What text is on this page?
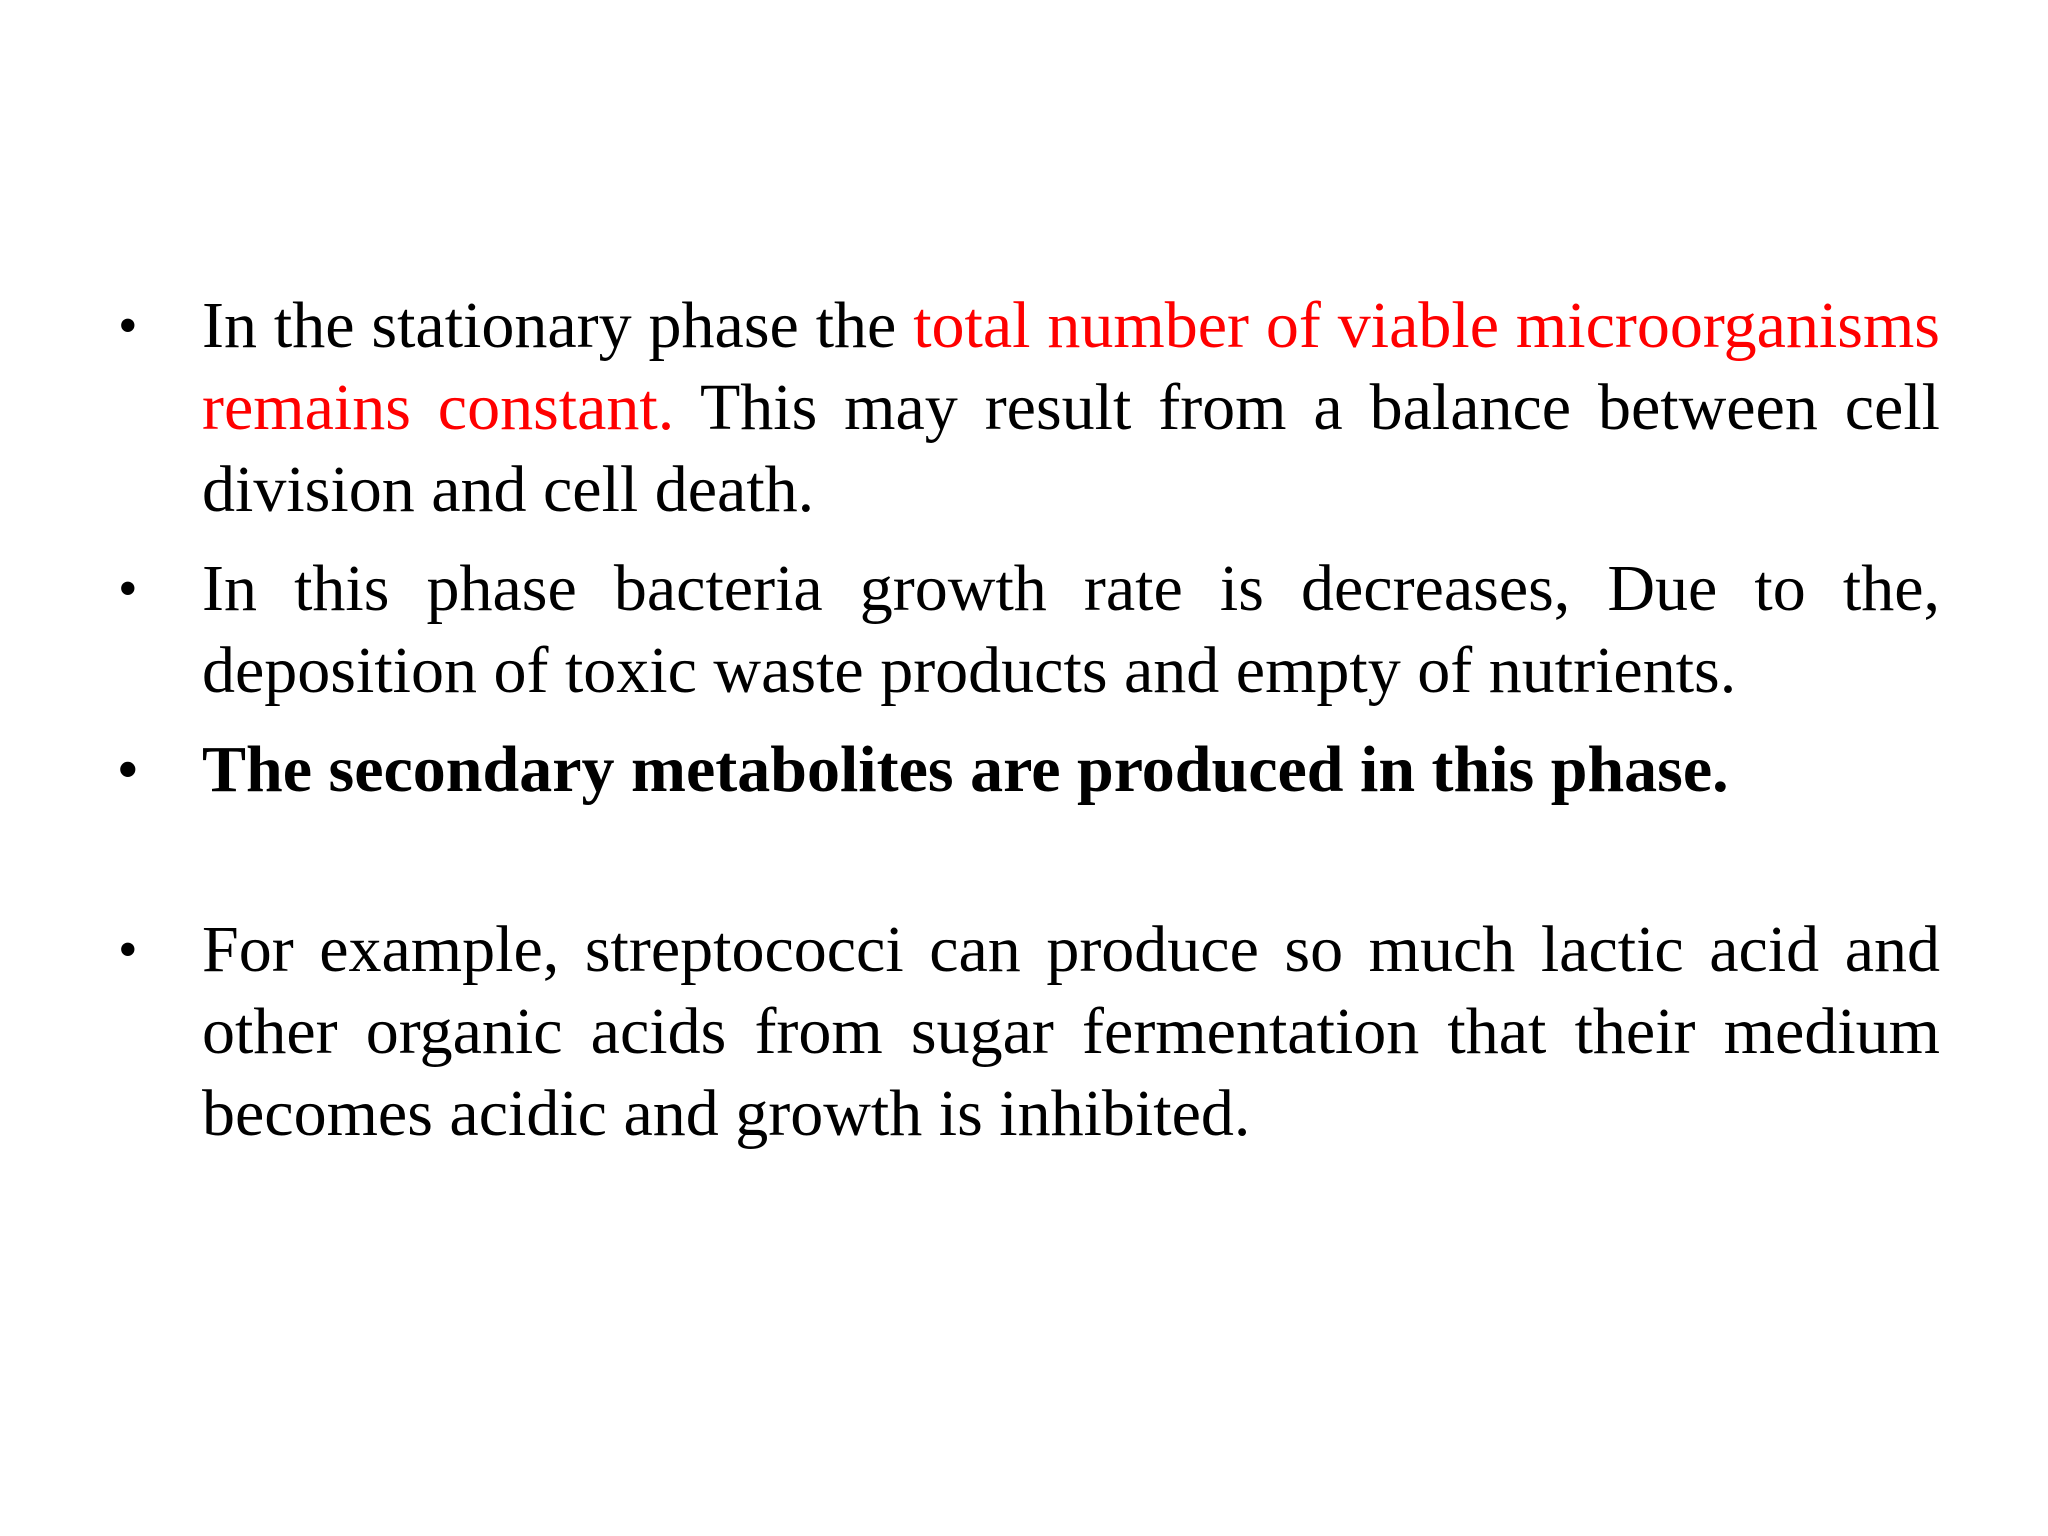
• In the stationary phase the total number of viable microorganisms remains constant. This may result from a balance between cell division and cell death.
• In this phase bacteria growth rate is decreases, Due to the, deposition of toxic waste products and empty of nutrients.
• The secondary metabolites are produced in this phase.
• For example, streptococci can produce so much lactic acid and other organic acids from sugar fermentation that their medium becomes acidic and growth is inhibited.
